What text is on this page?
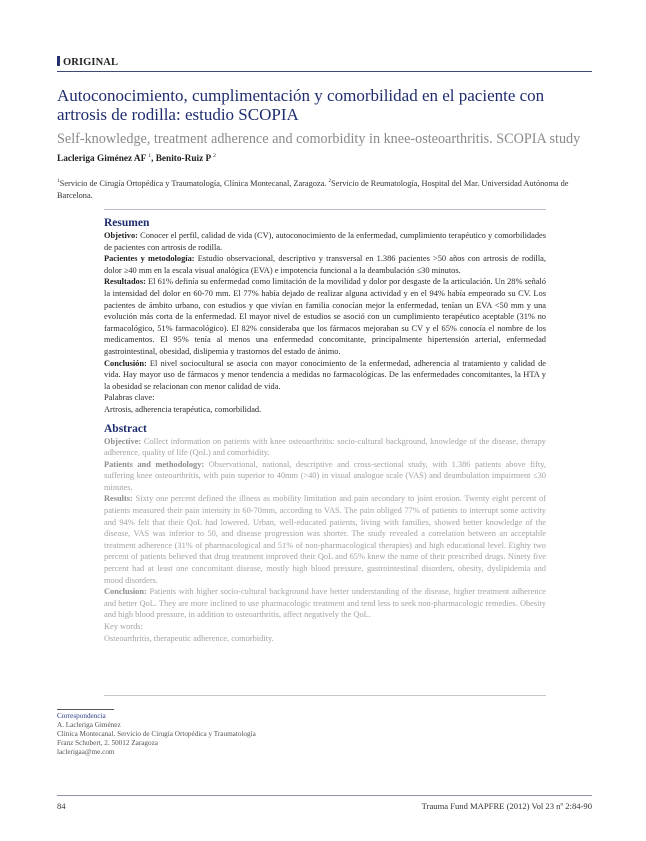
ORIGINAL
Autoconocimiento, cumplimentación y comorbilidad en el paciente con artrosis de rodilla: estudio SCOPIA
Self-knowledge, treatment adherence and comorbidity in knee-osteoarthritis. SCOPIA study
Lacleriga Giménez AF $^1$, Benito-Ruiz P $^2$
$^1$Servicio de Cirugía Ortopédica y Traumatología, Clínica Montecanal, Zaragoza. $^2$Servicio de Reumatología, Hospital del Mar. Universidad Autónoma de Barcelona.
Resumen

Objetivo: Conocer el perfil, calidad de vida (CV), autoconocimiento de la enfermedad, cumplimiento terapéutico y comorbilidades de pacientes con artrosis de rodilla.

Pacientes y metodología: Estudio observacional, descriptivo y transversal en 1.386 pacientes >50 años con artrosis de rodilla, dolor ≥40 mm en la escala visual analógica (EVA) e impotencia funcional a la deambulación ≤30 minutos.

Resultados: El 61% definía su enfermedad como limitación de la movilidad y dolor por desgaste de la articulación. Un 28% señaló la intensidad del dolor en 60-70 mm. El 77% había dejado de realizar alguna actividad y en el 94% había empeorado su CV. Los pacientes de ámbito urbano, con estudios y que vivían en familia conocían mejor la enfermedad, tenían un EVA <50 mm y una evolución más corta de la enfermedad. El mayor nivel de estudios se asoció con un cumplimiento terapéutico aceptable (31% no farmacológico, 51% farmacológico). El 82% consideraba que los fármacos mejoraban su CV y el 65% conocía el nombre de los medicamentos. El 95% tenía al menos una enfermedad concomitante, principalmente hipertensión arterial, enfermedad gastrointestinal, obesidad, dislipemia y trastornos del estado de ánimo.

Conclusión: El nivel sociocultural se asocia con mayor conocimiento de la enfermedad, adherencia al tratamiento y calidad de vida. Hay mayor uso de fármacos y menor tendencia a medidas no farmacológicas. De las enfermedades concomitantes, la HTA y la obesidad se relacionan con menor calidad de vida.

Palabras clave:

Artrosis, adherencia terapéutica, comorbilidad.

Abstract

Objective: Collect information on patients with knee osteoarthritis: socio-cultural background, knowledge of the disease, therapy adherence, quality of life (QoL) and comorbidity.

Patients and methodology: Observational, national, descriptive and cross-sectional study, with 1.386 patients above fifty, suffering knee osteoarthritis, with pain superior to 40mm (>40) in visual analogue scale (VAS) and deambulation impairment ≤30 minutes.

Results: Sixty one percent defined the illness as mobility limitation and pain secondary to joint erosion. Twenty eight percent of patients measured their pain intensity in 60-70mm, according to VAS. The pain obliged 77% of patients to interrupt some activity and 94% felt that their QoL had lowered. Urban, well-educated patients, living with families, showed better knowledge of the disease, VAS was inferior to 50, and disease progression was shorter. The study revealed a correlation between an acceptable treatment adherence (31% of pharmacological and 51% of non-pharmacological therapies) and high educational level. Eighty two percent of patients believed that drug treatment improved their QoL and 65% knew the name of their prescribed drugs. Ninety five percent had at least one concomitant disease, mostly high blood pressure, gastrointestinal disorders, obesity, dyslipidemia and mood disorders.

Conclusion: Patients with higher socio-cultural background have better understanding of the disease, higher treatment adherence and better QoL. They are more inclined to use pharmacologic treatment and tend less to seek non-pharmacologic remedies. Obesity and high blood pressure, in addition to osteoarthritis, affect negatively the QoL.

Key words:

Osteoarthritis, therapeutic adherence, comorbidity.

Correspondencia
A. Lacleriga Giménez
Clínica Montecanal. Servicio de Cirugía Ortopédica y Traumatología
Franz Schubert, 2. 50012 Zaragoza
laclerigaa@me.com
84	Trauma Fund MAPFRE (2012) Vol 23 nº 2:84-90
